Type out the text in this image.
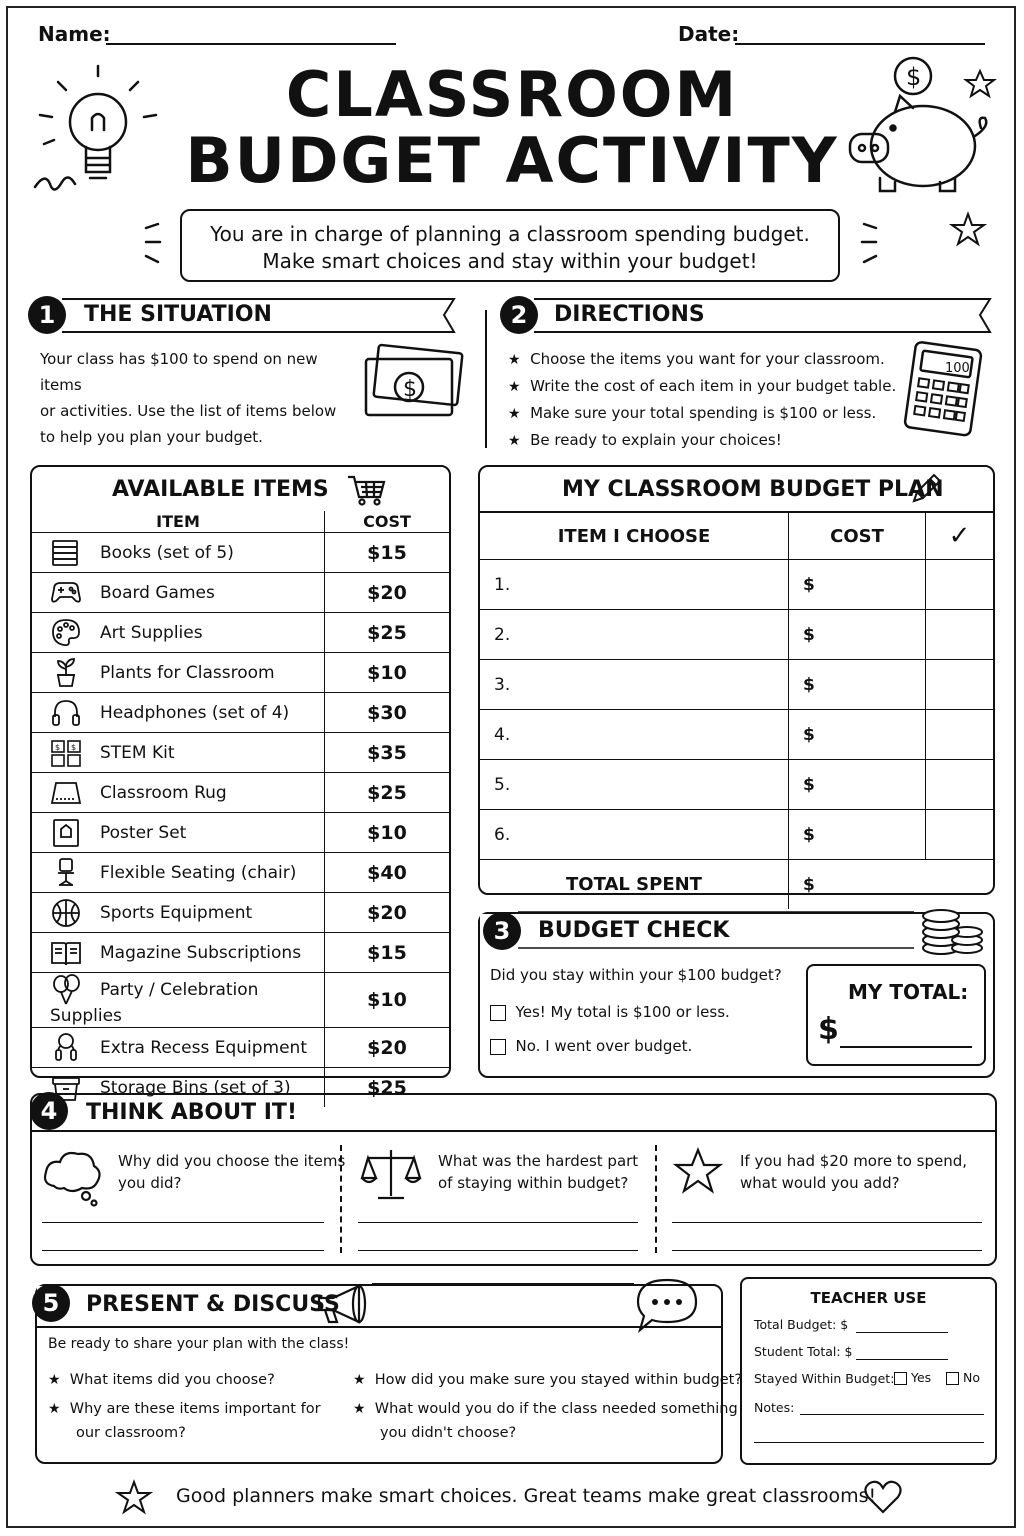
Name:	Date:
CLASSROOM
BUDGET ACTIVITY
$
You are in charge of planning a classroom spending budget.
Make smart choices and stay within your budget!
1	THE SITUATION
Your class has $100 to spend on new items
or activities. Use the list of items below
to help you plan your budget.
$
2	DIRECTIONS
★ Choose the items you want for your classroom.
★ Write the cost of each item in your budget table.
★ Make sure your total spending is $100 or less.
★ Be ready to explain your choices!
100
AVAILABLE ITEMS
ITEM	COST
Books (set of 5)	$15
Board Games	$20
Art Supplies	$25
Plants for Classroom	$10
Headphones (set of 4)	$30

$ $ STEM Kit	$35
Classroom Rug	$25
Poster Set	$10
Flexible Seating (chair)	$40
Sports Equipment	$20
Magazine Subscriptions	$15
Party / Celebration Supplies	$10
Extra Recess Equipment	$20
Storage Bins (set of 3)	$25
MY CLASSROOM BUDGET PLAN
ITEM I CHOOSE	COST	✓
1.	$	
2.	$	
3.	$	
4.	$	
5.	$	
6.	$	
TOTAL SPENT	$	
3	BUDGET CHECK
Did you stay within your $100 budget?
Yes! My total is $100 or less.
No. I went over budget.
MY TOTAL:
$
4	THINK ABOUT IT!
Why did you choose the items
you did?
What was the hardest part
of staying within budget?
If you had $20 more to spend,
what would you add?
5	PRESENT & DISCUSS
Be ready to share your plan with the class!
★ What items did you choose?
★ Why are these items important for
our classroom?
★ How did you make sure you stayed within budget?
★ What would you do if the class needed something
you didn't choose?
TEACHER USE
Total Budget: $
Student Total: $
Stayed Within Budget:	Yes	No
Notes:
Good planners make smart choices. Great teams make great classrooms!
